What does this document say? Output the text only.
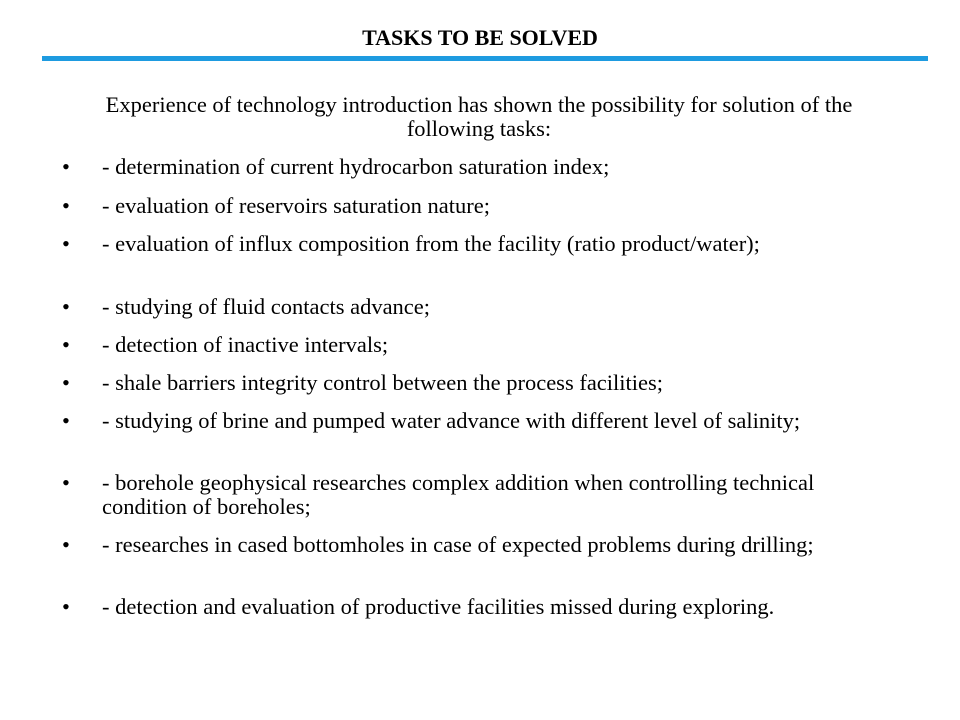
TASKS TO BE SOLVED
Experience of technology introduction has shown the possibility for solution of the following tasks:
•	- determination of current hydrocarbon saturation index;
•	- evaluation of reservoirs saturation nature;
•	- evaluation of influx composition from the facility (ratio product/water);
•	- studying of fluid contacts advance;
•	- detection of inactive intervals;
•	- shale barriers integrity control between the process facilities;
•	- studying of brine and pumped water advance with different level of salinity;
•	- borehole geophysical researches complex addition when controlling technical condition of boreholes;
•	- researches in cased bottomholes in case of expected problems during drilling;
•	- detection and evaluation of productive facilities missed during exploring.
